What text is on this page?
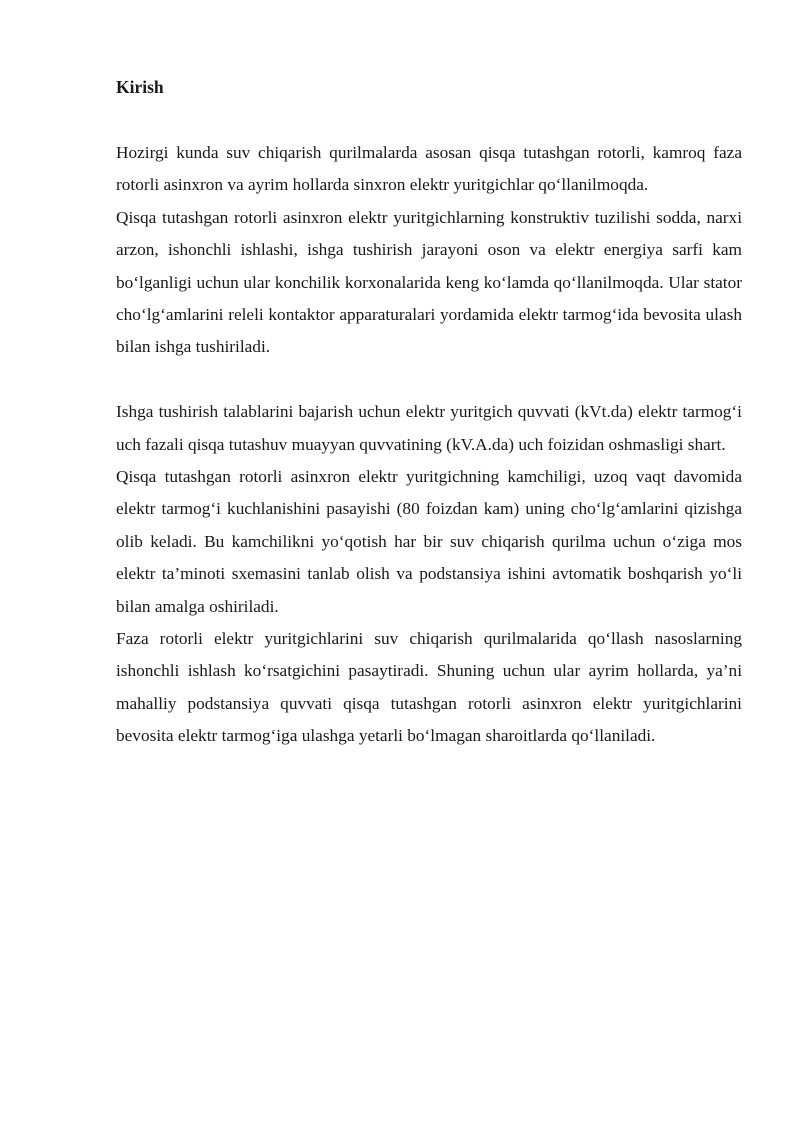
Kirish

Hozirgi kunda suv chiqarish qurilmalarda asosan qisqa tutashgan rotorli, kamroq faza rotorli asinxron va ayrim hollarda sinxron elektr yuritgichlar qo‘llanilmoqda.

Qisqa tutashgan rotorli asinxron elektr yuritgichlarning konstruktiv tuzilishi sodda, narxi arzon, ishonchli ishlashi, ishga tushirish jarayoni oson va elektr energiya sarfi kam bo‘lganligi uchun ular konchilik korxonalarida keng ko‘lamda qo‘llanilmoqda. Ular stator cho‘lg‘amlarini releli kontaktor apparaturalari yordamida elektr tarmog‘ida bevosita ulash bilan ishga tushiriladi.

Ishga tushirish talablarini bajarish uchun elektr yuritgich quvvati (kVt.da) elektr tarmog‘i uch fazali qisqa tutashuv muayyan quvvatining (kV.A.da) uch foizidan oshmasligi shart.

Qisqa tutashgan rotorli asinxron elektr yuritgichning kamchiligi, uzoq vaqt davomida elektr tarmog‘i kuchlanishini pasayishi (80 foizdan kam) uning cho‘lg‘amlarini qizishga olib keladi. Bu kamchilikni yo‘qotish har bir suv chiqarish qurilma uchun o‘ziga mos elektr ta’minoti sxemasini tanlab olish va podstansiya ishini avtomatik boshqarish yo‘li bilan amalga oshiriladi.

Faza rotorli elektr yuritgichlarini suv chiqarish qurilmalarida qo‘llash nasoslarning ishonchli ishlash ko‘rsatgichini pasaytiradi. Shuning uchun ular ayrim hollarda, ya’ni mahalliy podstansiya quvvati qisqa tutashgan rotorli asinxron elektr yuritgichlarini bevosita elektr tarmog‘iga ulashga yetarli bo‘lmagan sharoitlarda qo‘llaniladi.
